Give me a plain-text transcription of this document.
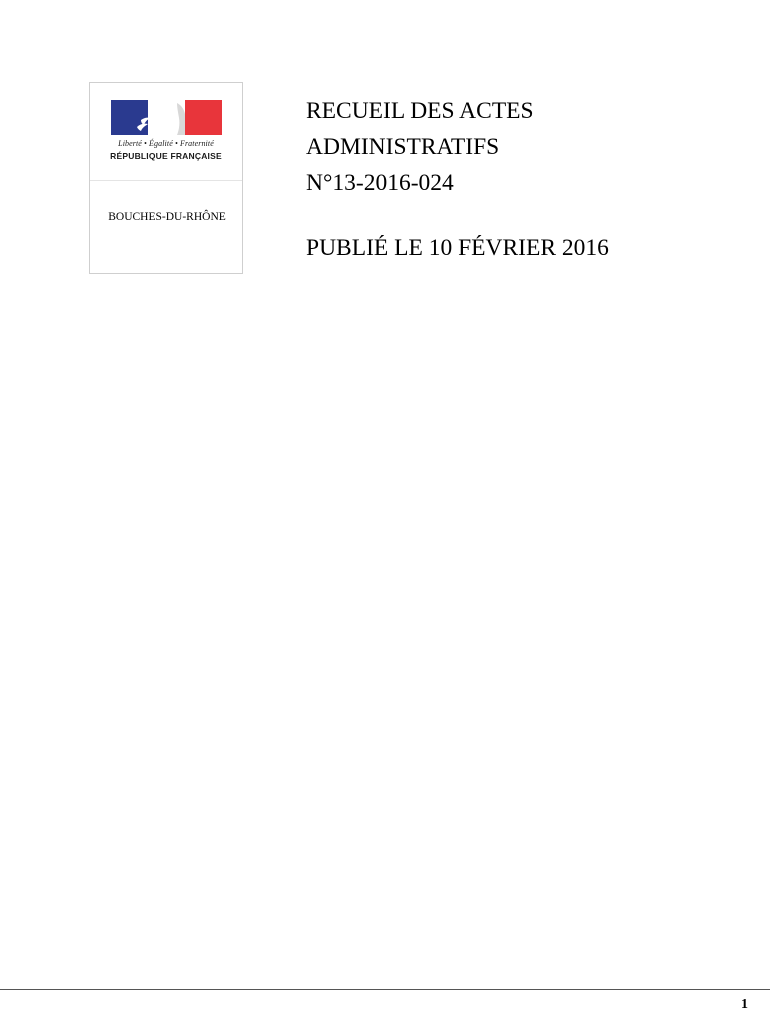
Liberté • Égalité • Fraternité
RÉPUBLIQUE FRANÇAISE
BOUCHES-DU-RHÔNE
RECUEIL DES ACTES
ADMINISTRATIFS
N°13-2016-024
PUBLIÉ LE 10 FÉVRIER 2016
1
